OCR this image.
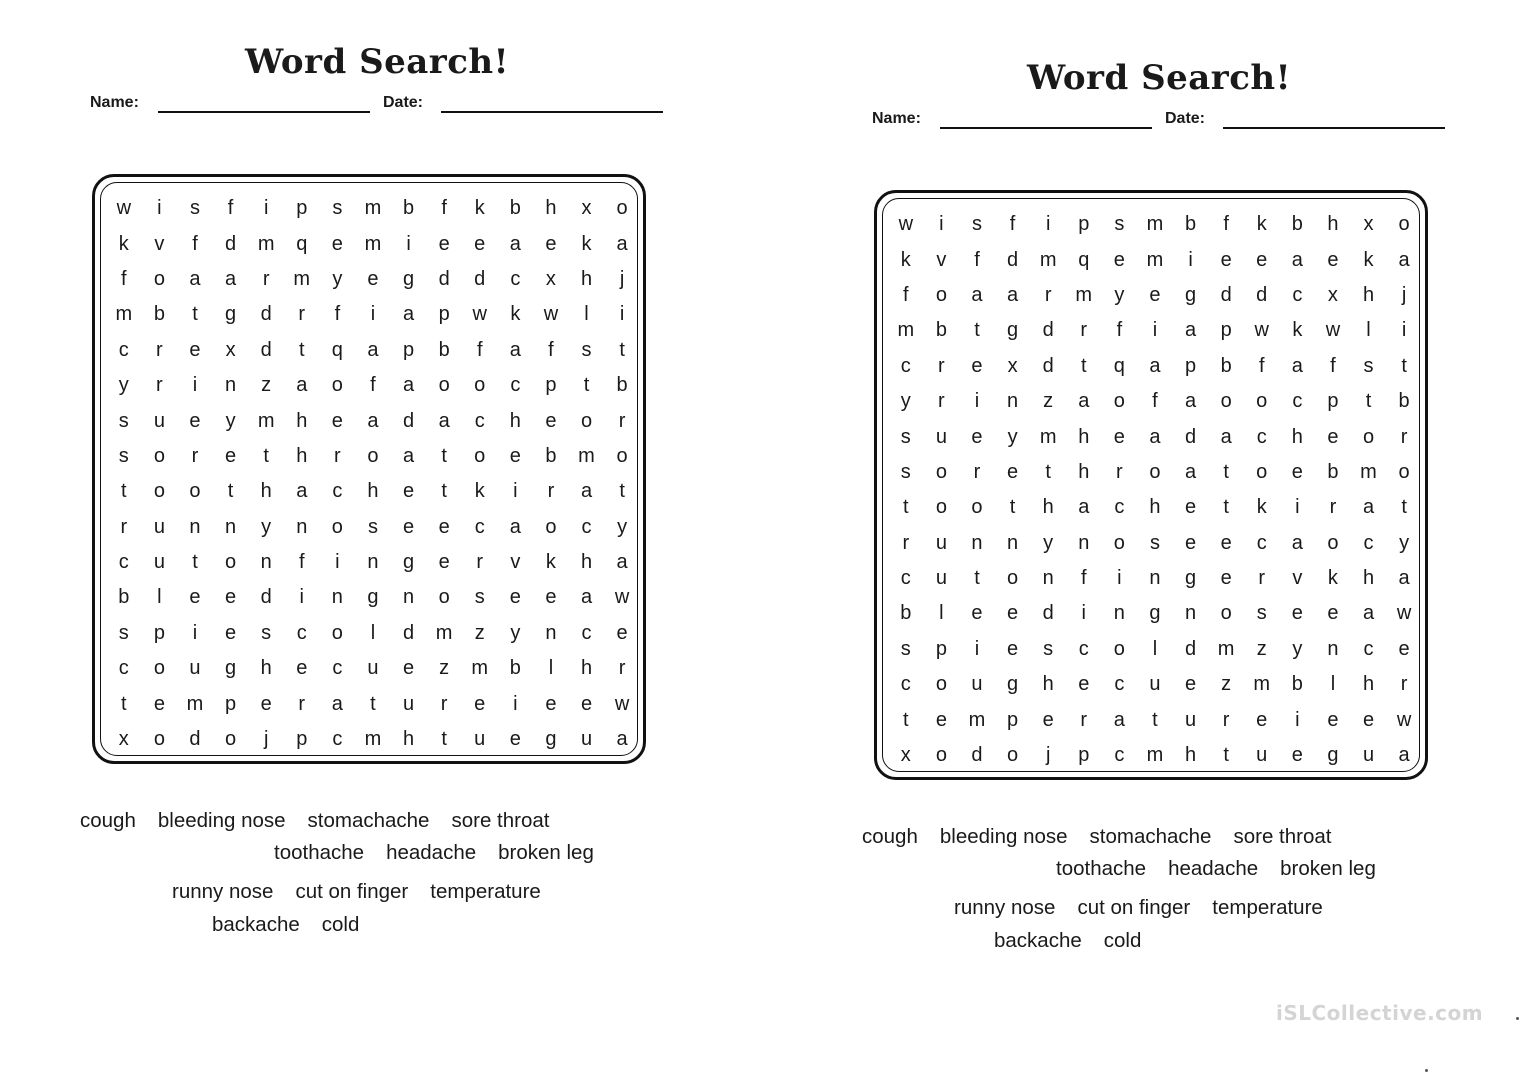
Word Search!
Name:	Date:
w	i	s	f	i	p	s	m	b	f	k	b	h	x	o
k	v	f	d	m	q	e	m	i	e	e	a	e	k	a
f	o	a	a	r	m	y	e	g	d	d	c	x	h	j
m	b	t	g	d	r	f	i	a	p	w	k	w	l	i
c	r	e	x	d	t	q	a	p	b	f	a	f	s	t
y	r	i	n	z	a	o	f	a	o	o	c	p	t	b
s	u	e	y	m	h	e	a	d	a	c	h	e	o	r
s	o	r	e	t	h	r	o	a	t	o	e	b	m	o
t	o	o	t	h	a	c	h	e	t	k	i	r	a	t
r	u	n	n	y	n	o	s	e	e	c	a	o	c	y
c	u	t	o	n	f	i	n	g	e	r	v	k	h	a
b	l	e	e	d	i	n	g	n	o	s	e	e	a	w
s	p	i	e	s	c	o	l	d	m	z	y	n	c	e
c	o	u	g	h	e	c	u	e	z	m	b	l	h	r
t	e	m	p	e	r	a	t	u	r	e	i	e	e	w
x	o	d	o	j	p	c	m	h	t	u	e	g	u	a
cough bleeding nose stomachache sore throat
toothache headache broken leg
runny nose cut on finger temperature
backache cold
Word Search!
Name:	Date:
w	i	s	f	i	p	s	m	b	f	k	b	h	x	o
k	v	f	d	m	q	e	m	i	e	e	a	e	k	a
f	o	a	a	r	m	y	e	g	d	d	c	x	h	j
m	b	t	g	d	r	f	i	a	p	w	k	w	l	i
c	r	e	x	d	t	q	a	p	b	f	a	f	s	t
y	r	i	n	z	a	o	f	a	o	o	c	p	t	b
s	u	e	y	m	h	e	a	d	a	c	h	e	o	r
s	o	r	e	t	h	r	o	a	t	o	e	b	m	o
t	o	o	t	h	a	c	h	e	t	k	i	r	a	t
r	u	n	n	y	n	o	s	e	e	c	a	o	c	y
c	u	t	o	n	f	i	n	g	e	r	v	k	h	a
b	l	e	e	d	i	n	g	n	o	s	e	e	a	w
s	p	i	e	s	c	o	l	d	m	z	y	n	c	e
c	o	u	g	h	e	c	u	e	z	m	b	l	h	r
t	e	m	p	e	r	a	t	u	r	e	i	e	e	w
x	o	d	o	j	p	c	m	h	t	u	e	g	u	a
cough bleeding nose stomachache sore throat
toothache headache broken leg
runny nose cut on finger temperature
backache cold
iSLCollective.com
